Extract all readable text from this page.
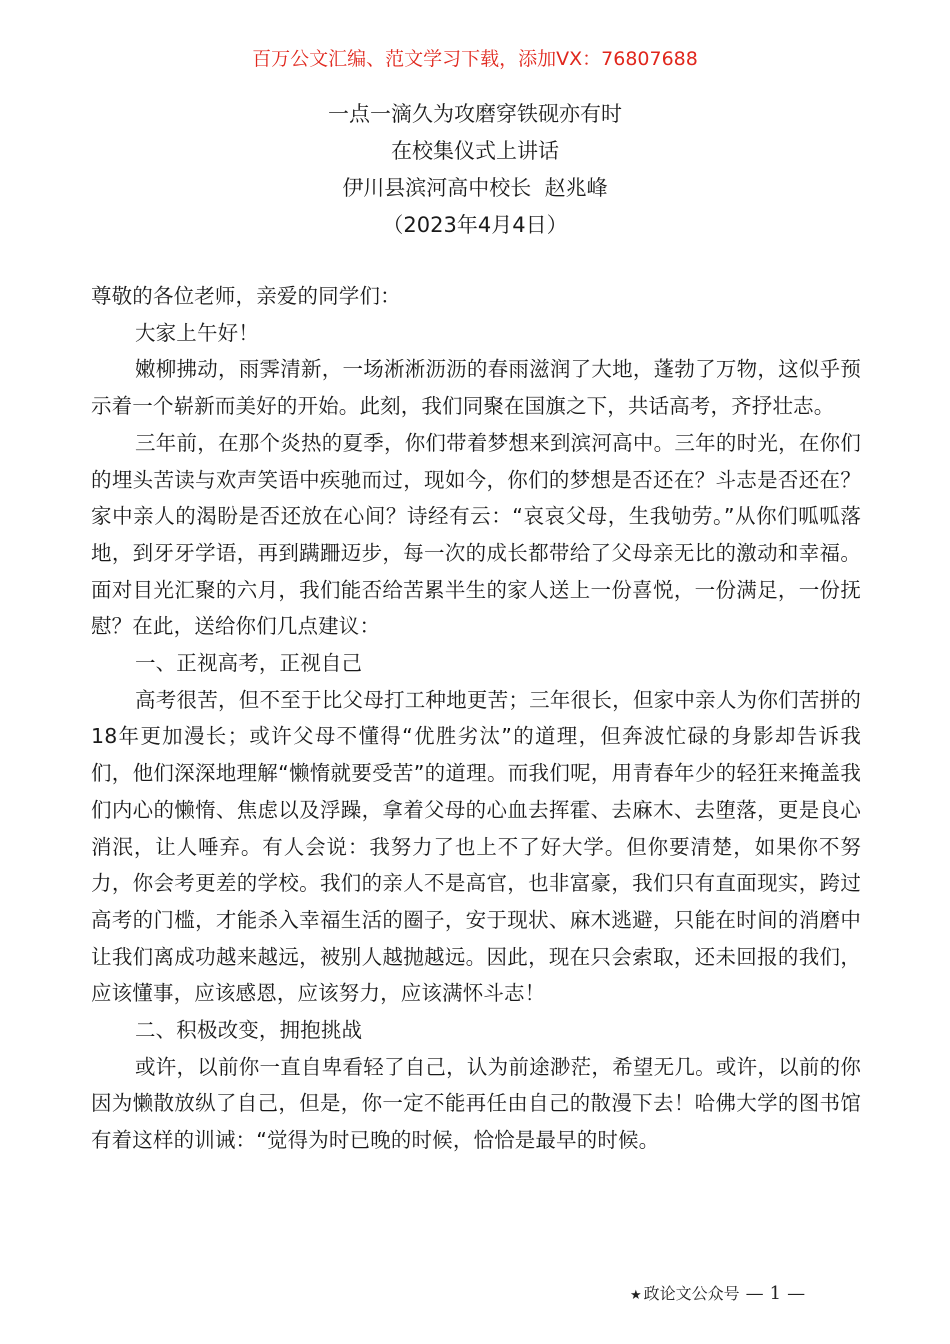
百万公文汇编、范文学习下载，添加VX：76807688
一点一滴久为攻磨穿铁砚亦有时
在校集仪式上讲话
伊川县滨河高中校长  赵兆峰
（2023年4月4日）

尊敬的各位老师，亲爱的同学们：

大家上午好！

嫩柳拂动，雨霁清新，一场淅淅沥沥的春雨滋润了大地，蓬勃了万物，这似乎预示着一个崭新而美好的开始。此刻，我们同聚在国旗之下，共话高考，齐抒壮志。

三年前，在那个炎热的夏季，你们带着梦想来到滨河高中。三年的时光，在你们的埋头苦读与欢声笑语中疾驰而过，现如今，你们的梦想是否还在？斗志是否还在？家中亲人的渴盼是否还放在心间？诗经有云：“哀哀父母，生我劬劳。”从你们呱呱落地，到牙牙学语，再到蹒跚迈步，每一次的成长都带给了父母亲无比的激动和幸福。面对目光汇聚的六月，我们能否给苦累半生的家人送上一份喜悦，一份满足，一份抚慰？在此，送给你们几点建议：

一、正视高考，正视自己

高考很苦，但不至于比父母打工种地更苦；三年很长，但家中亲人为你们苦拼的18年更加漫长；或许父母不懂得“优胜劣汰”的道理，但奔波忙碌的身影却告诉我们，他们深深地理解“懒惰就要受苦”的道理。而我们呢，用青春年少的轻狂来掩盖我们内心的懒惰、焦虑以及浮躁，拿着父母的心血去挥霍、去麻木、去堕落，更是良心消泯，让人唾弃。有人会说：我努力了也上不了好大学。但你要清楚，如果你不努力，你会考更差的学校。我们的亲人不是高官，也非富豪，我们只有直面现实，跨过高考的门槛，才能杀入幸福生活的圈子，安于现状、麻木逃避，只能在时间的消磨中让我们离成功越来越远，被别人越抛越远。因此，现在只会索取，还未回报的我们，应该懂事，应该感恩，应该努力，应该满怀斗志！

二、积极改变，拥抱挑战

或许，以前你一直自卑看轻了自己，认为前途渺茫，希望无几。或许，以前的你因为懒散放纵了自己，但是，你一定不能再任由自己的散漫下去！哈佛大学的图书馆有着这样的训诫：“觉得为时已晚的时候，恰恰是最早的时候。

★ 政论文公众号 — 1 —
